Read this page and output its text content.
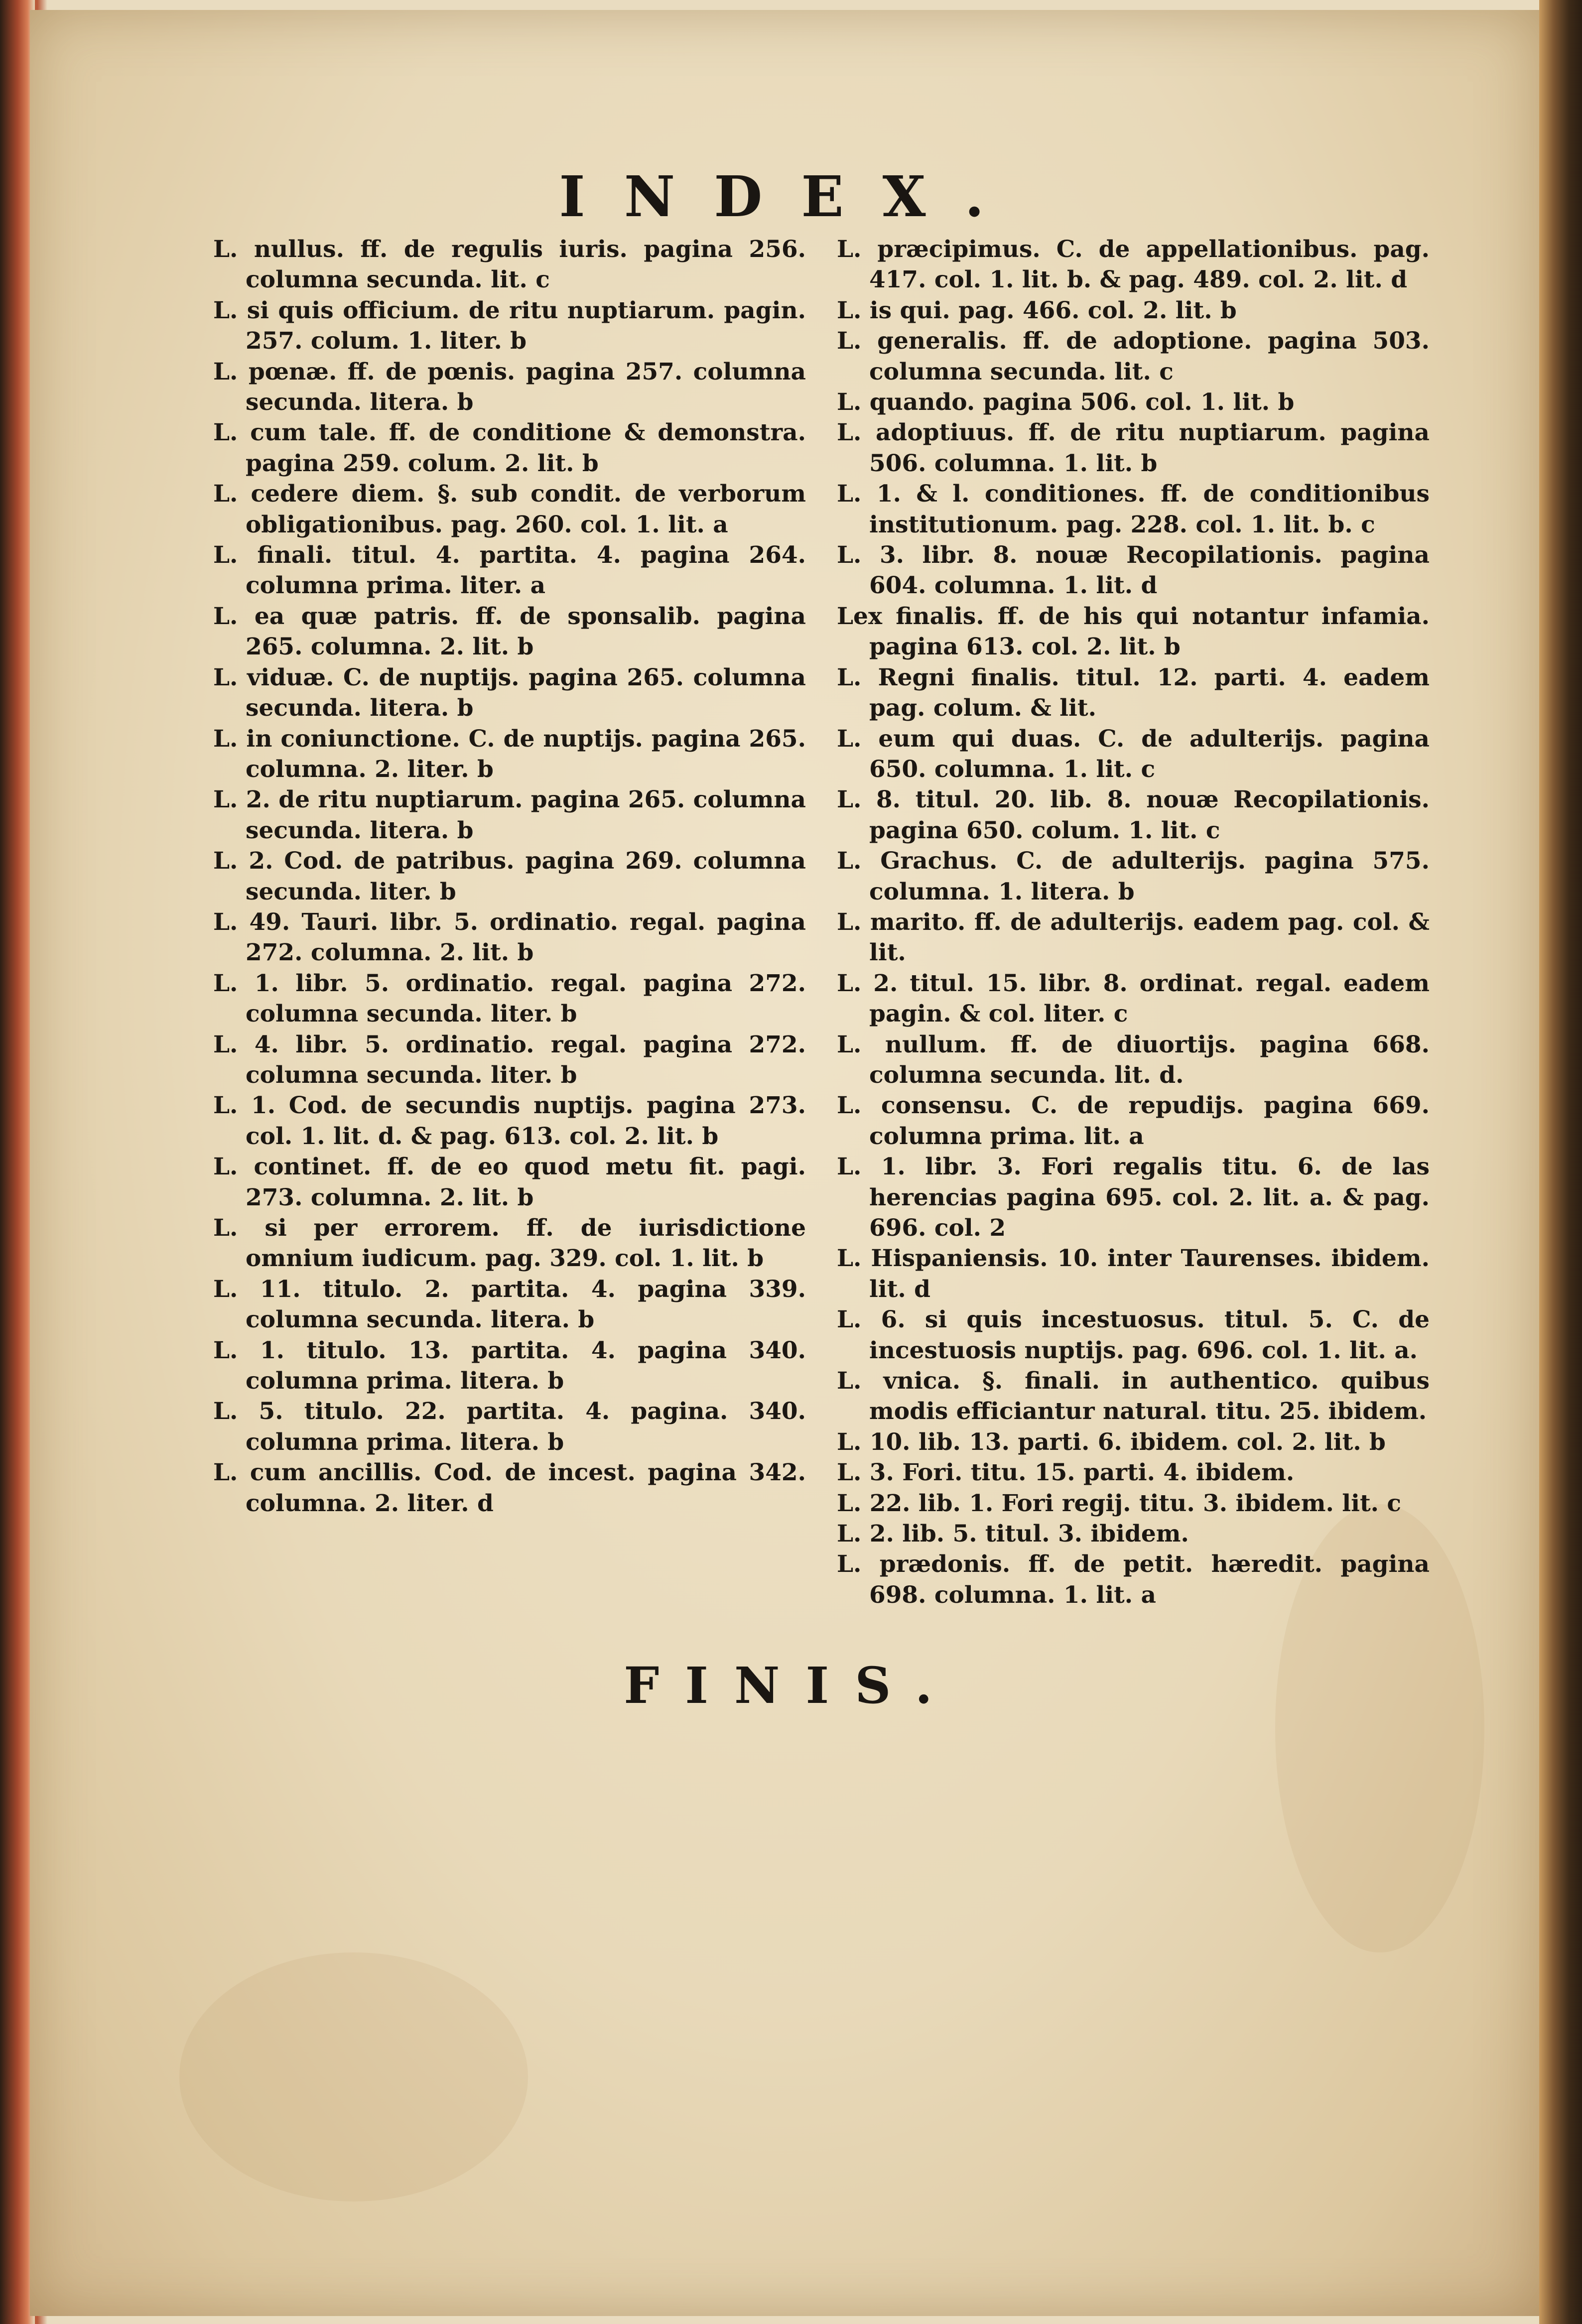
INDEX.

L. nullus. ff. de regulis iuris. pagina 256. columna secunda. lit. c

L. si quis officium. de ritu nuptiarum. pagin. 257. colum. 1. liter. b

L. pœnæ. ff. de pœnis. pagina 257. columna secunda. litera. b

L. cum tale. ff. de conditione & demonstra. pagina 259. colum. 2. lit. b

L. cedere diem. §. sub condit. de verborum obligationibus. pag. 260. col. 1. lit. a

L. finali. titul. 4. partita. 4. pagina 264. columna prima. liter. a

L. ea quæ patris. ff. de sponsalib. pagina 265. columna. 2. lit. b

L. viduæ. C. de nuptijs. pagina 265. columna secunda. litera. b

L. in coniunctione. C. de nuptijs. pagina 265. columna. 2. liter. b

L. 2. de ritu nuptiarum. pagina 265. columna secunda. litera. b

L. 2. Cod. de patribus. pagina 269. columna secunda. liter. b

L. 49. Tauri. libr. 5. ordinatio. regal. pagina 272. columna. 2. lit. b

L. 1. libr. 5. ordinatio. regal. pagina 272. columna secunda. liter. b

L. 4. libr. 5. ordinatio. regal. pagina 272. columna secunda. liter. b

L. 1. Cod. de secundis nuptijs. pagina 273. col. 1. lit. d. & pag. 613. col. 2. lit. b

L. continet. ff. de eo quod metu fit. pagi. 273. columna. 2. lit. b

L. si per errorem. ff. de iurisdictione omnium iudicum. pag. 329. col. 1. lit. b

L. 11. titulo. 2. partita. 4. pagina 339. columna secunda. litera. b

L. 1. titulo. 13. partita. 4. pagina 340. columna prima. litera. b

L. 5. titulo. 22. partita. 4. pagina. 340. columna prima. litera. b

L. cum ancillis. Cod. de incest. pagina 342. columna. 2. liter. d

L. præcipimus. C. de appellationibus. pag. 417. col. 1. lit. b. & pag. 489. col. 2. lit. d

L. is qui. pag. 466. col. 2. lit. b

L. generalis. ff. de adoptione. pagina 503. columna secunda. lit. c

L. quando. pagina 506. col. 1. lit. b

L. adoptiuus. ff. de ritu nuptiarum. pagina 506. columna. 1. lit. b

L. 1. & l. conditiones. ff. de conditionibus institutionum. pag. 228. col. 1. lit. b. c

L. 3. libr. 8. nouæ Recopilationis. pagina 604. columna. 1. lit. d

Lex finalis. ff. de his qui notantur infamia. pagina 613. col. 2. lit. b

L. Regni finalis. titul. 12. parti. 4. eadem pag. colum. & lit.

L. eum qui duas. C. de adulterijs. pagina 650. columna. 1. lit. c

L. 8. titul. 20. lib. 8. nouæ Recopilationis. pagina 650. colum. 1. lit. c

L. Grachus. C. de adulterijs. pagina 575. columna. 1. litera. b

L. marito. ff. de adulterijs. eadem pag. col. & lit.

L. 2. titul. 15. libr. 8. ordinat. regal. eadem pagin. & col. liter. c

L. nullum. ff. de diuortijs. pagina 668. columna secunda. lit. d.

L. consensu. C. de repudijs. pagina 669. columna prima. lit. a

L. 1. libr. 3. Fori regalis titu. 6. de las herencias pagina 695. col. 2. lit. a. & pag. 696. col. 2

L. Hispaniensis. 10. inter Taurenses. ibidem. lit. d

L. 6. si quis incestuosus. titul. 5. C. de incestuosis nuptijs. pag. 696. col. 1. lit. a.

L. vnica. §. finali. in authentico. quibus modis efficiantur natural. titu. 25. ibidem.

L. 10. lib. 13. parti. 6. ibidem. col. 2. lit. b

L. 3. Fori. titu. 15. parti. 4. ibidem.

L. 22. lib. 1. Fori regij. titu. 3. ibidem. lit. c

L. 2. lib. 5. titul. 3. ibidem.

L. prædonis. ff. de petit. hæredit. pagina 698. columna. 1. lit. a

FINIS.
